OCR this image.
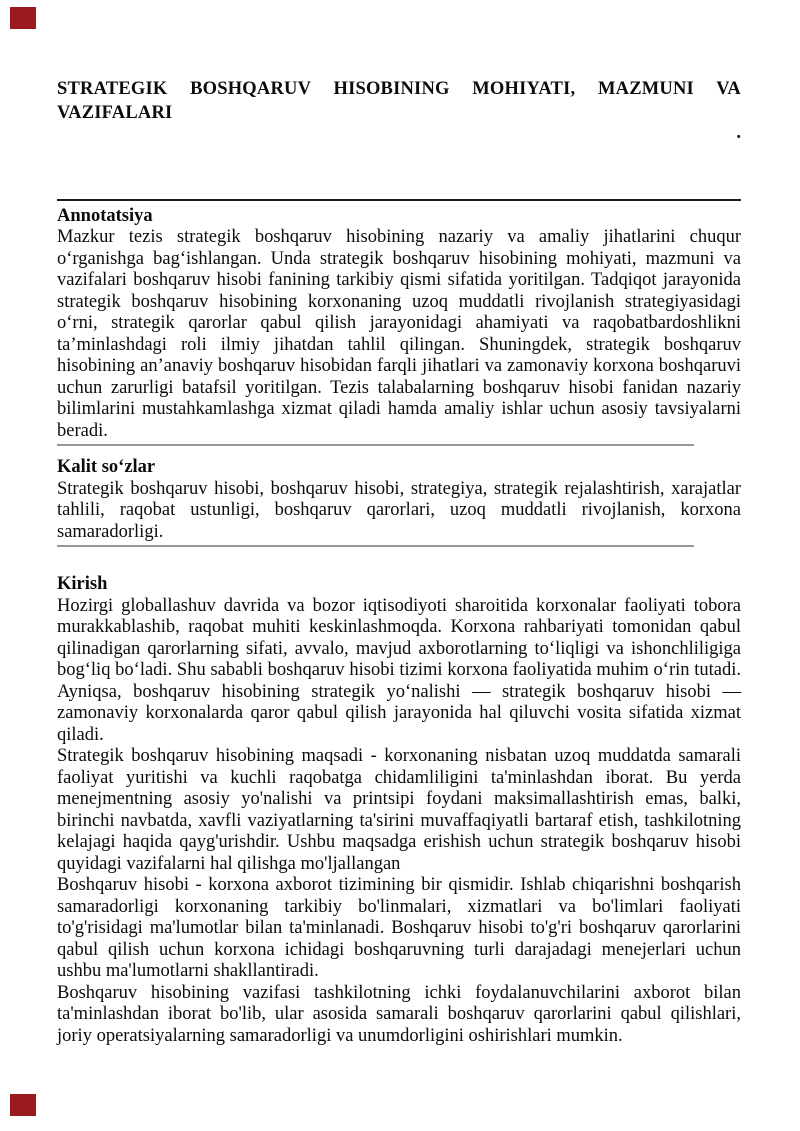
STRATEGIK BOSHQARUV HISOBINING MOHIYATI, MAZMUNI VA VAZIFALARI
.
Annotatsiya

Mazkur tezis strategik boshqaruv hisobining nazariy va amaliy jihatlarini chuqur oʻrganishga bagʻishlangan. Unda strategik boshqaruv hisobining mohiyati, mazmuni va vazifalari boshqaruv hisobi fanining tarkibiy qismi sifatida yoritilgan. Tadqiqot jarayonida strategik boshqaruv hisobining korxonaning uzoq muddatli rivojlanish strategiyasidagi oʻrni, strategik qarorlar qabul qilish jarayonidagi ahamiyati va raqobatbardoshlikni taʼminlashdagi roli ilmiy jihatdan tahlil qilingan. Shuningdek, strategik boshqaruv hisobining anʼanaviy boshqaruv hisobidan farqli jihatlari va zamonaviy korxona boshqaruvi uchun zarurligi batafsil yoritilgan. Tezis talabalarning boshqaruv hisobi fanidan nazariy bilimlarini mustahkamlashga xizmat qiladi hamda amaliy ishlar uchun asosiy tavsiyalarni beradi.

Kalit soʻzlar

Strategik boshqaruv hisobi, boshqaruv hisobi, strategiya, strategik rejalashtirish, xarajatlar tahlili, raqobat ustunligi, boshqaruv qarorlari, uzoq muddatli rivojlanish, korxona samaradorligi.

Kirish

Hozirgi globallashuv davrida va bozor iqtisodiyoti sharoitida korxonalar faoliyati tobora murakkablashib, raqobat muhiti keskinlashmoqda. Korxona rahbariyati tomonidan qabul qilinadigan qarorlarning sifati, avvalo, mavjud axborotlarning toʻliqligi va ishonchliligiga bogʻliq boʻladi. Shu sababli boshqaruv hisobi tizimi korxona faoliyatida muhim oʻrin tutadi. Ayniqsa, boshqaruv hisobining strategik yoʻnalishi — strategik boshqaruv hisobi — zamonaviy korxonalarda qaror qabul qilish jarayonida hal qiluvchi vosita sifatida xizmat qiladi.

Strategik boshqaruv hisobining maqsadi - korxonaning nisbatan uzoq muddatda samarali faoliyat yuritishi va kuchli raqobatga chidamliligini ta'minlashdan iborat. Bu yerda menejmentning asosiy yo'nalishi va printsipi foydani maksimallashtirish emas, balki, birinchi navbatda, xavfli vaziyatlarning ta'sirini muvaffaqiyatli bartaraf etish, tashkilotning kelajagi haqida qayg'urishdir. Ushbu maqsadga erishish uchun strategik boshqaruv hisobi quyidagi vazifalarni hal qilishga mo'ljallangan

Boshqaruv hisobi - korxona axborot tizimining bir qismidir. Ishlab chiqarishni boshqarish samaradorligi korxonaning tarkibiy bo'linmalari, xizmatlari va bo'limlari faoliyati to'g'risidagi ma'lumotlar bilan ta'minlanadi. Boshqaruv hisobi to'g'ri boshqaruv qarorlarini qabul qilish uchun korxona ichidagi boshqaruvning turli darajadagi menejerlari uchun ushbu ma'lumotlarni shakllantiradi.

Boshqaruv hisobining vazifasi tashkilotning ichki foydalanuvchilarini axborot bilan ta'minlashdan iborat bo'lib, ular asosida samarali boshqaruv qarorlarini qabul qilishlari, joriy operatsiyalarning samaradorligi va unumdorligini oshirishlari mumkin.
